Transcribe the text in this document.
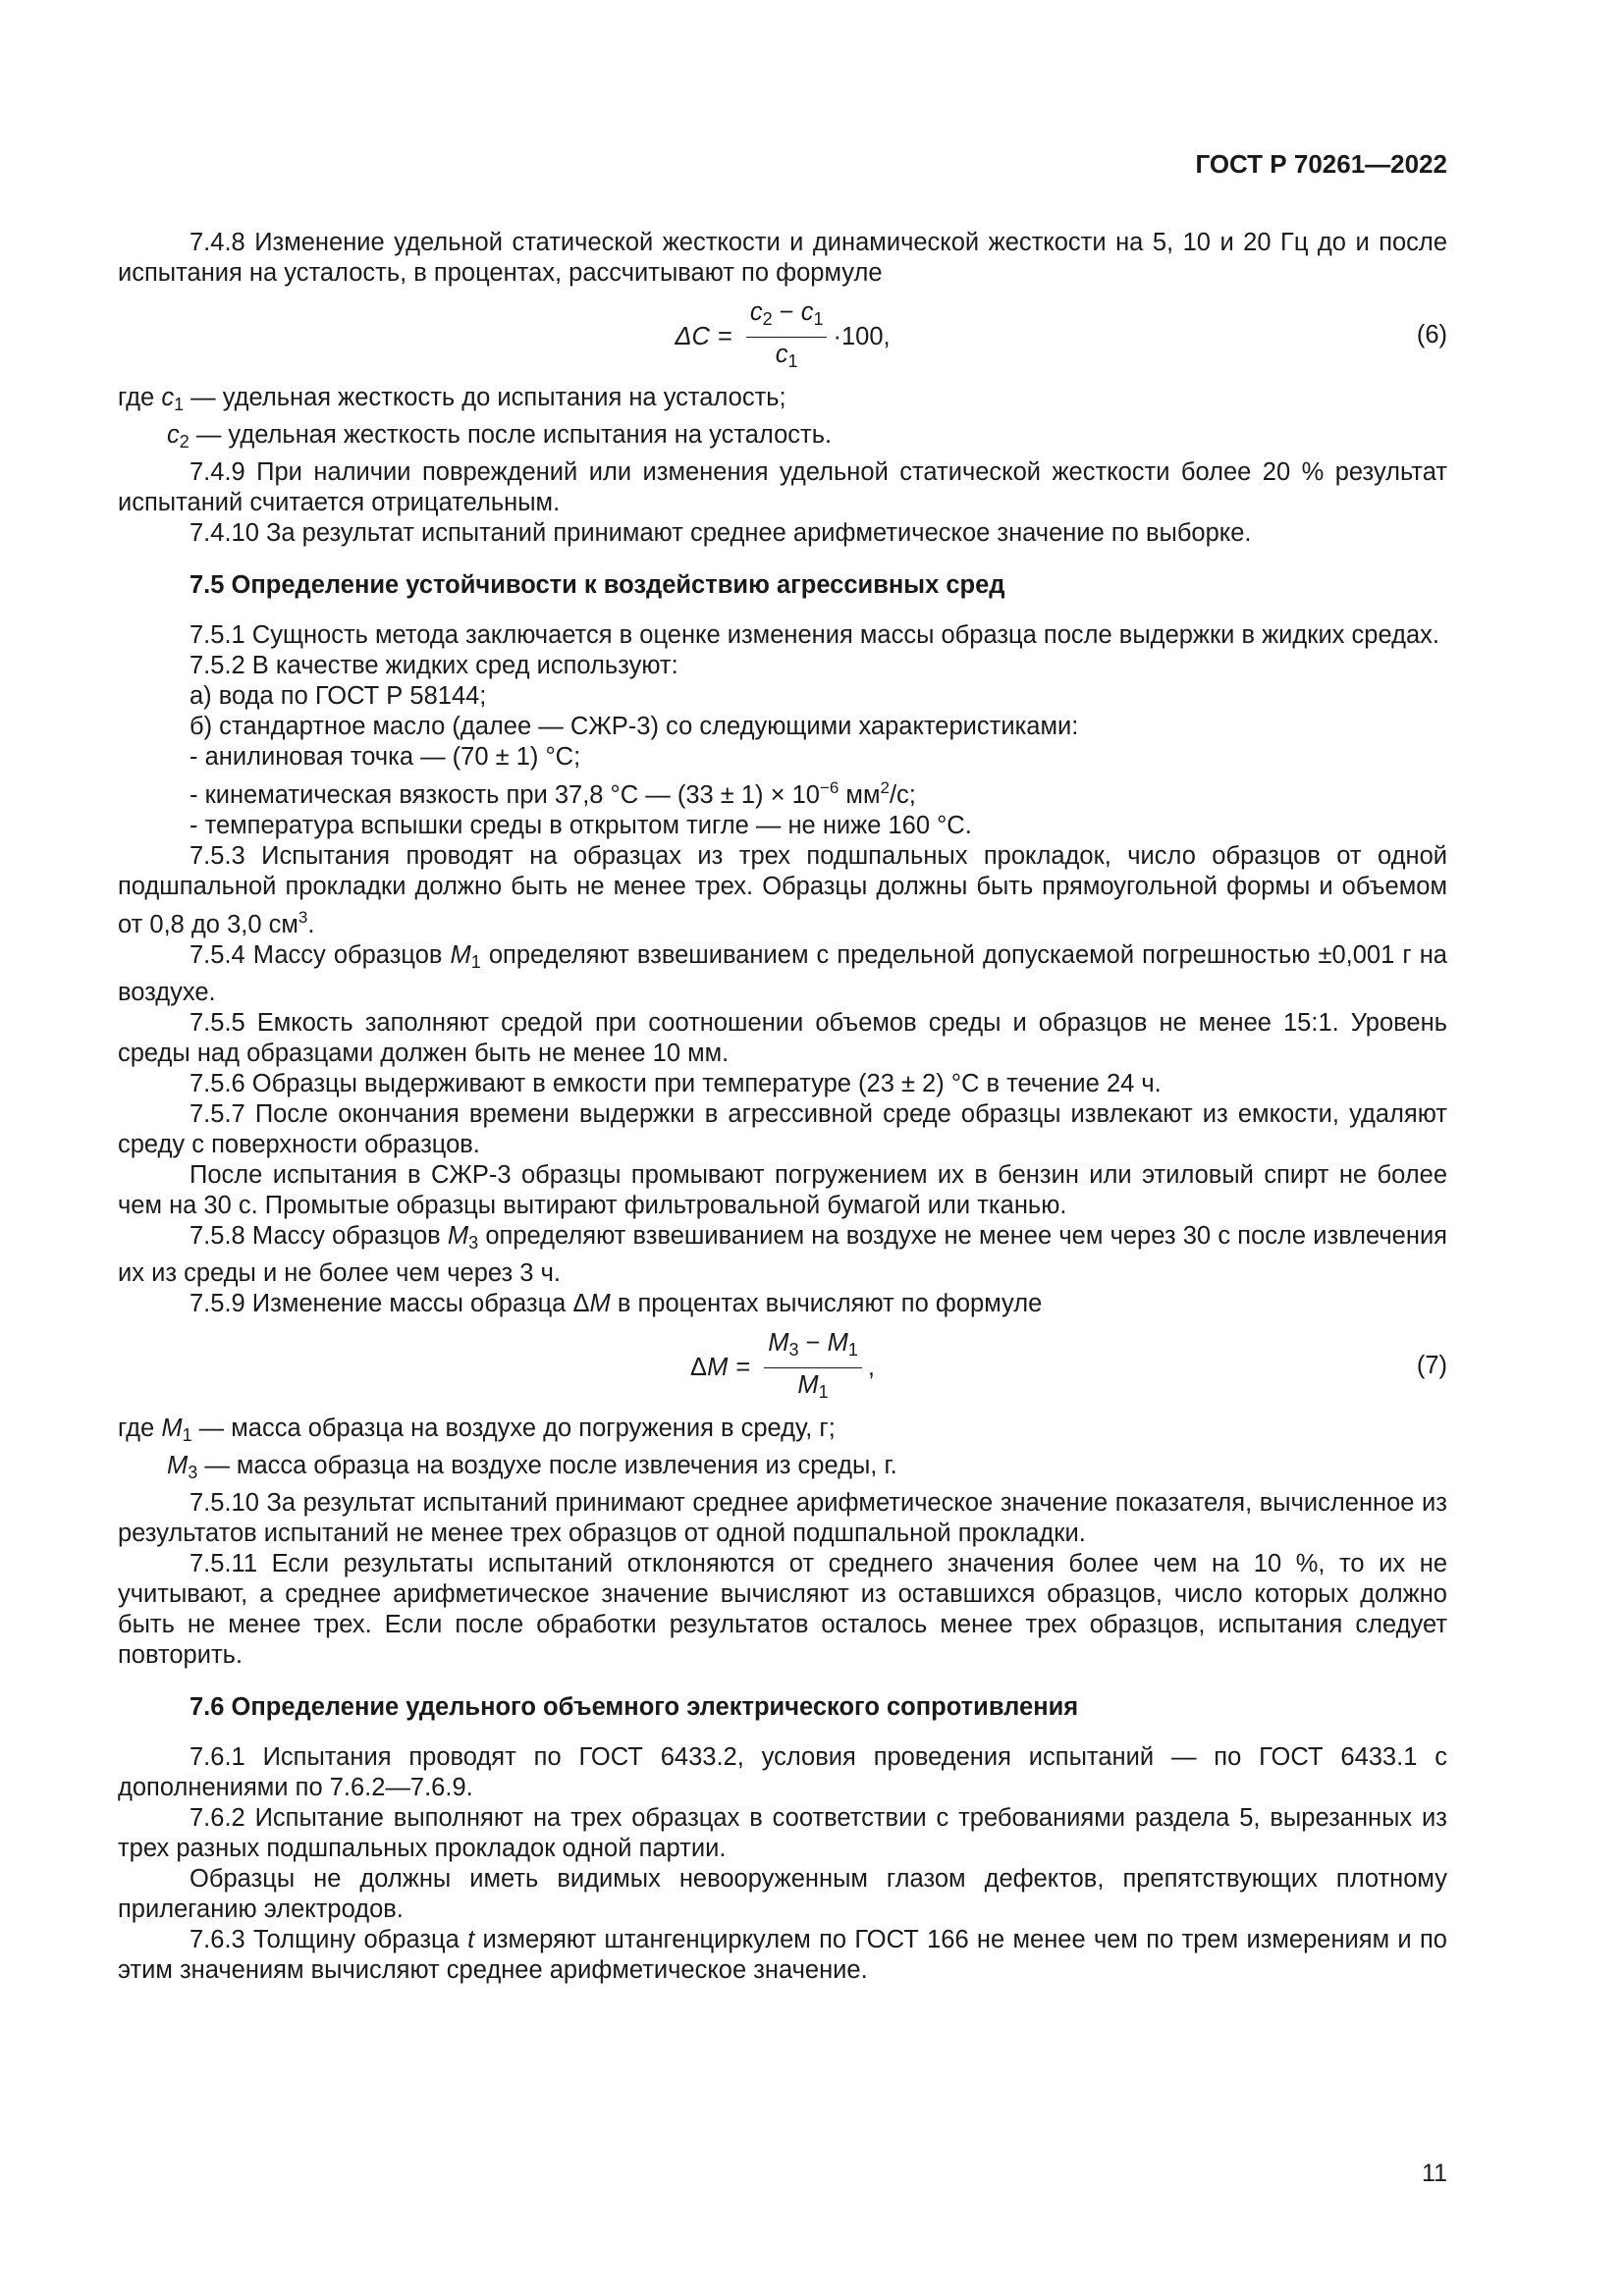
ГОСТ Р 70261—2022

7.4.8 Изменение удельной статической жесткости и динамической жесткости на 5, 10 и 20 Гц до и после испытания на усталость, в процентах, рассчитывают по формуле

$\Delta C = \frac{c_2 - c_1}{c_1} \cdot 100$,	(6)

где $c_1$ — удельная жесткость до испытания на усталость;

$c_2$ — удельная жесткость после испытания на усталость.

7.4.9 При наличии повреждений или изменения удельной статической жесткости более 20 % результат испытаний считается отрицательным.

7.4.10 За результат испытаний принимают среднее арифметическое значение по выборке.

7.5 Определение устойчивости к воздействию агрессивных сред

7.5.1 Сущность метода заключается в оценке изменения массы образца после выдержки в жидких средах.

7.5.2 В качестве жидких сред используют:

а) вода по ГОСТ Р 58144;

б) стандартное масло (далее — СЖР-3) со следующими характеристиками:

- анилиновая точка — (70 ± 1) °С;

- кинематическая вязкость при 37,8 °С — $(33 \pm 1) \times 10^{-6}$ $мм^2/с$;

- температура вспышки среды в открытом тигле — не ниже 160 °С.

7.5.3 Испытания проводят на образцах из трех подшпальных прокладок, число образцов от одной подшпальной прокладки должно быть не менее трех. Образцы должны быть прямоугольной формы и объемом от 0,8 до 3,0 $см^3$.

7.5.4 Массу образцов $M_1$ определяют взвешиванием с предельной допускаемой погрешностью ±0,001 г на воздухе.

7.5.5 Емкость заполняют средой при соотношении объемов среды и образцов не менее 15:1. Уровень среды над образцами должен быть не менее 10 мм.

7.5.6 Образцы выдерживают в емкости при температуре (23 ± 2) °С в течение 24 ч.

7.5.7 После окончания времени выдержки в агрессивной среде образцы извлекают из емкости, удаляют среду с поверхности образцов.

После испытания в СЖР-3 образцы промывают погружением их в бензин или этиловый спирт не более чем на 30 с. Промытые образцы вытирают фильтровальной бумагой или тканью.

7.5.8 Массу образцов $M_3$ определяют взвешиванием на воздухе не менее чем через 30 с после извлечения их из среды и не более чем через 3 ч.

7.5.9 Изменение массы образца ΔM в процентах вычисляют по формуле

$\Delta M = \frac{M_3 - M_1}{M_1}$ ,	(7)

где $M_1$ — масса образца на воздухе до погружения в среду, г;

$M_3$ — масса образца на воздухе после извлечения из среды, г.

7.5.10 За результат испытаний принимают среднее арифметическое значение показателя, вычисленное из результатов испытаний не менее трех образцов от одной подшпальной прокладки.

7.5.11 Если результаты испытаний отклоняются от среднего значения более чем на 10 %, то их не учитывают, а среднее арифметическое значение вычисляют из оставшихся образцов, число которых должно быть не менее трех. Если после обработки результатов осталось менее трех образцов, испытания следует повторить.

7.6 Определение удельного объемного электрического сопротивления

7.6.1 Испытания проводят по ГОСТ 6433.2, условия проведения испытаний — по ГОСТ 6433.1 с дополнениями по 7.6.2—7.6.9.

7.6.2 Испытание выполняют на трех образцах в соответствии с требованиями раздела 5, вырезанных из трех разных подшпальных прокладок одной партии.

Образцы не должны иметь видимых невооруженным глазом дефектов, препятствующих плотному прилеганию электродов.

7.6.3 Толщину образца t измеряют штангенциркулем по ГОСТ 166 не менее чем по трем измерениям и по этим значениям вычисляют среднее арифметическое значение.

11
